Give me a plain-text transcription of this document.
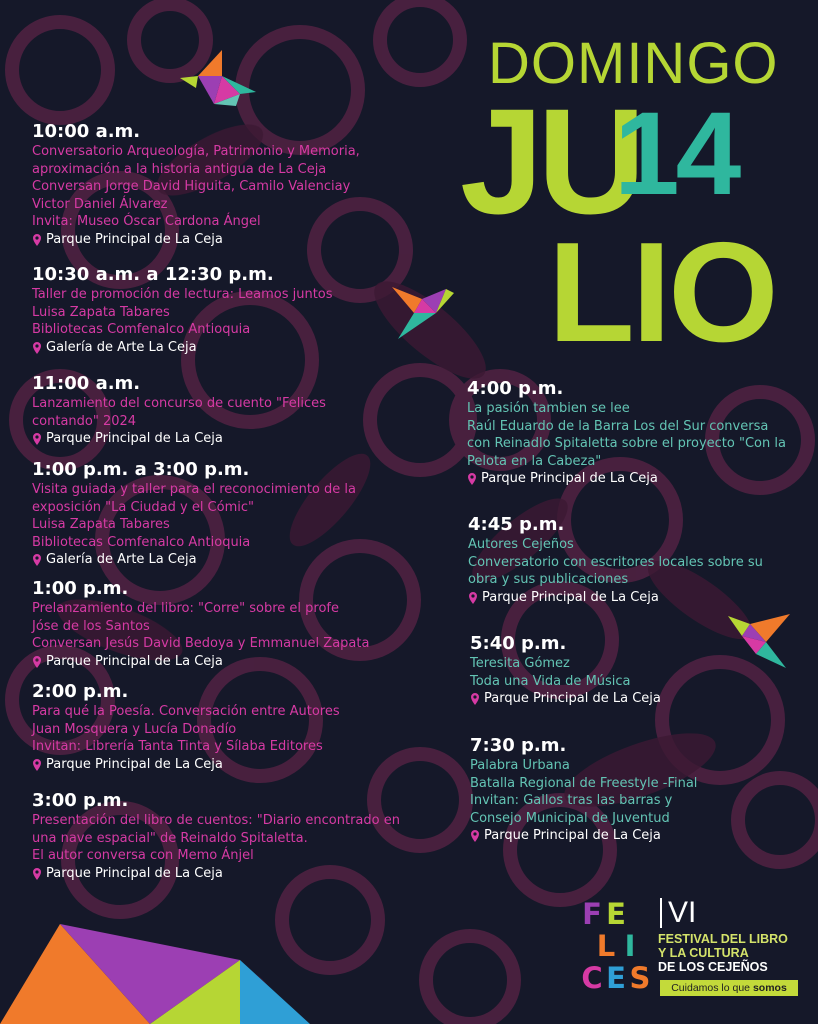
DOMINGO
JU
14
LIO
10:00 a.m.
Conversatorio Arqueología, Patrimonio y Memoria,
aproximación a la historia antigua de La Ceja
Conversan Jorge David Higuita, Camilo Valenciay
Victor Daniel Álvarez
Invita: Museo Óscar Cardona Ángel
Parque Principal de La Ceja
10:30 a.m. a 12:30 p.m.
Taller de promoción de lectura: Leamos juntos
Luisa Zapata Tabares
Bibliotecas Comfenalco Antioquia
Galería de Arte La Ceja
11:00 a.m.
Lanzamiento del concurso de cuento "Felices
contando" 2024
Parque Principal de La Ceja
1:00 p.m. a 3:00 p.m.
Visita guiada y taller para el reconocimiento de la
exposición "La Ciudad y el Cómic"
Luisa Zapata Tabares
Bibliotecas Comfenalco Antioquia
Galería de Arte La Ceja
1:00 p.m.
Prelanzamiento del libro: "Corre" sobre el profe
Jóse de los Santos
Conversan Jesús David Bedoya y Emmanuel Zapata
Parque Principal de La Ceja
2:00 p.m.
Para qué la Poesía. Conversación entre Autores
Juan Mosquera y Lucía Donadío
Invitan: Librería Tanta Tinta y Sílaba Editores
Parque Principal de La Ceja
3:00 p.m.
Presentación del libro de cuentos: "Diario encontrado en
una nave espacial" de Reinaldo Spitaletta.
El autor conversa con Memo Ánjel
Parque Principal de La Ceja
4:00 p.m.
La pasión tambien se lee
Raúl Eduardo de la Barra Los del Sur conversa
con Reinadlo Spitaletta sobre el proyecto "Con la
Pelota en la Cabeza"
Parque Principal de La Ceja
4:45 p.m.
Autores Cejeños
Conversatorio con escritores locales sobre su
obra y sus publicaciones
Parque Principal de La Ceja
5:40 p.m.
Teresita Gómez
Toda una Vida de Música
Parque Principal de La Ceja
7:30 p.m.
Palabra Urbana
Batalla Regional de Freestyle -Final
Invitan: Gallos tras las barras y
Consejo Municipal de Juventud
Parque Principal de La Ceja
F E
L I
C E S
VI
FESTIVAL DEL LIBRO
Y LA CULTURA
DE LOS CEJEÑOS
Cuidamos lo que somos
